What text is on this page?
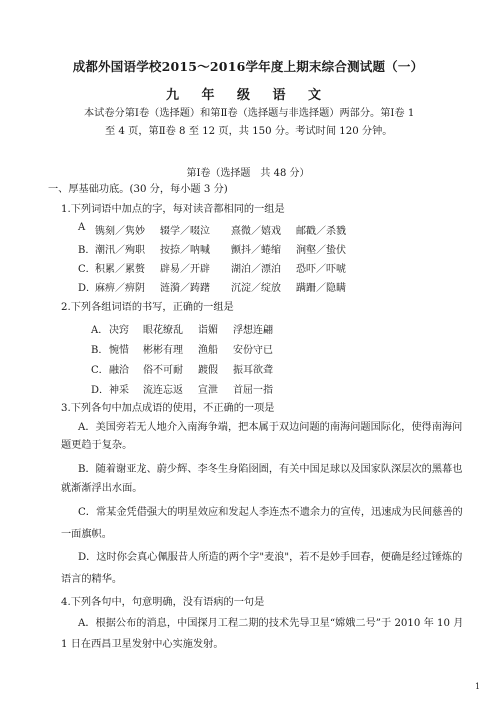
成都外国语学校2015～2016学年度上期末综合测试题（一）
九 年 级 语 文
本试卷分第Ⅰ卷（选择题）和第Ⅱ卷（选择题与非选择题）两部分。第Ⅰ卷 1
至 4 页，第Ⅱ卷 8 至 12 页，共 150 分。考试时间 120 分钟。
第Ⅰ卷（选择题　共 48 分）
一、厚基础功底。(30 分，每小题 3 分)
1.下列词语中加点的字，每对读音都相同的一组是
A 镌刻／隽妙 辍学／啜泣 熹微／嬉戏 邮戳／杀戮
B． 潮汛／殉职 按捺／呐喊 颤抖／蜷缩 涧壑／蛰伏
C． 积累／累赘 辟易／开辟 湖泊／漂泊 恐吓／吓唬
D．
麻痹／痹阴 涟漪／踌躇 沉淀／绽放 蹒跚／隐瞒
2.下列各组词语的书写，正确的一组是
A． 决窍 眼花缭乱 诣媚 浮想连翩
B． 惋惜 彬彬有理 渔船 安份守已
C． 融洽 俗不可耐 踱假 振耳欲聋
D． 神采 流连忘返 宣泄 首屈一指
3.下列各句中加点成语的使用，不正确的一项是
A．美国旁若无人地介入南海争端，把本属于双边问题的南海问题国际化，使得南海问
题更趋于复杂。
B．随着谢亚龙、蔚少辉、李冬生身陷囹圄，有关中国足球以及国家队深层次的黑幕也
就渐渐浮出水面。
C．常某金凭借强大的明星效应和发起人李连杰不遗余力的宣传，迅速成为民间慈善的
一面旗帜。
D．这时你会真心佩服昔人所造的两个字"麦浪"，若不是妙手回春，便确是经过锤炼的
语言的精华。
4.下列各句中，句意明确，没有语病的一句是
A．根据公布的消息，中国探月工程二期的技术先导卫星“嫦娥二号”于 2010 年 10 月
1 日在西昌卫星发射中心实施发射。
1
